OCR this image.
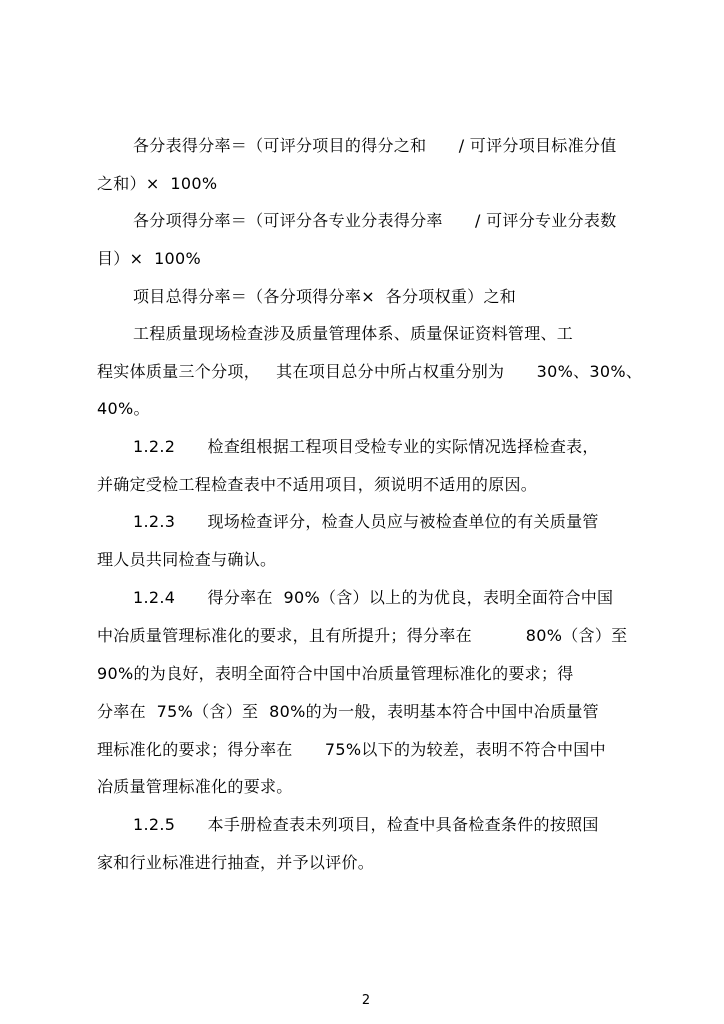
各分表得分率＝（可评分项目的得分之和      / 可评分项目标准分值
之和）×  100%
各分项得分率＝（可评分各专业分表得分率      / 可评分专业分表数
目）×  100%
项目总得分率＝（各分项得分率×  各分项权重）之和
工程质量现场检查涉及质量管理体系、质量保证资料管理、工
程实体质量三个分项，   其在项目总分中所占权重分别为      30%、30%、
40%。
1.2.2      检查组根据工程项目受检专业的实际情况选择检查表，
并确定受检工程检查表中不适用项目，须说明不适用的原因。
1.2.3      现场检查评分，检查人员应与被检查单位的有关质量管
理人员共同检查与确认。
1.2.4      得分率在  90%（含）以上的为优良，表明全面符合中国
中冶质量管理标准化的要求，且有所提升；得分率在          80%（含）至
90%的为良好，表明全面符合中国中冶质量管理标准化的要求；得
分率在  75%（含）至  80%的为一般，表明基本符合中国中冶质量管
理标准化的要求；得分率在      75%以下的为较差，表明不符合中国中
冶质量管理标准化的要求。
1.2.5      本手册检查表未列项目，检查中具备检查条件的按照国
家和行业标准进行抽查，并予以评价。
2
